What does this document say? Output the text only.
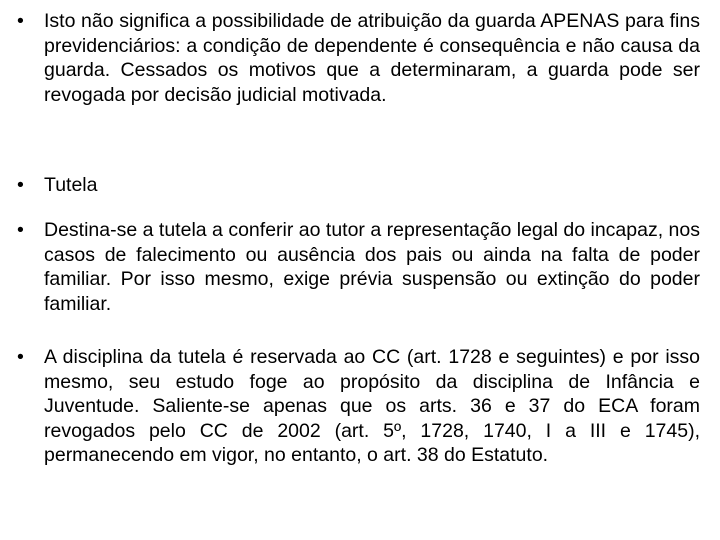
•	Isto não significa a possibilidade de atribuição da guarda APENAS para fins previdenciários: a condição de dependente é consequência e não causa da guarda. Cessados os motivos que a determinaram, a guarda pode ser revogada por decisão judicial motivada.
•	Tutela
•	Destina-se a tutela a conferir ao tutor a representação legal do incapaz, nos casos de falecimento ou ausência dos pais ou ainda na falta de poder familiar. Por isso mesmo, exige prévia suspensão ou extinção do poder familiar.
•	A disciplina da tutela é reservada ao CC (art. 1728 e seguintes) e por isso mesmo, seu estudo foge ao propósito da disciplina de Infância e Juventude. Saliente-se apenas que os arts. 36 e 37 do ECA foram revogados pelo CC de 2002 (art. 5º, 1728, 1740, I a III e 1745), permanecendo em vigor, no entanto, o art. 38 do Estatuto.
